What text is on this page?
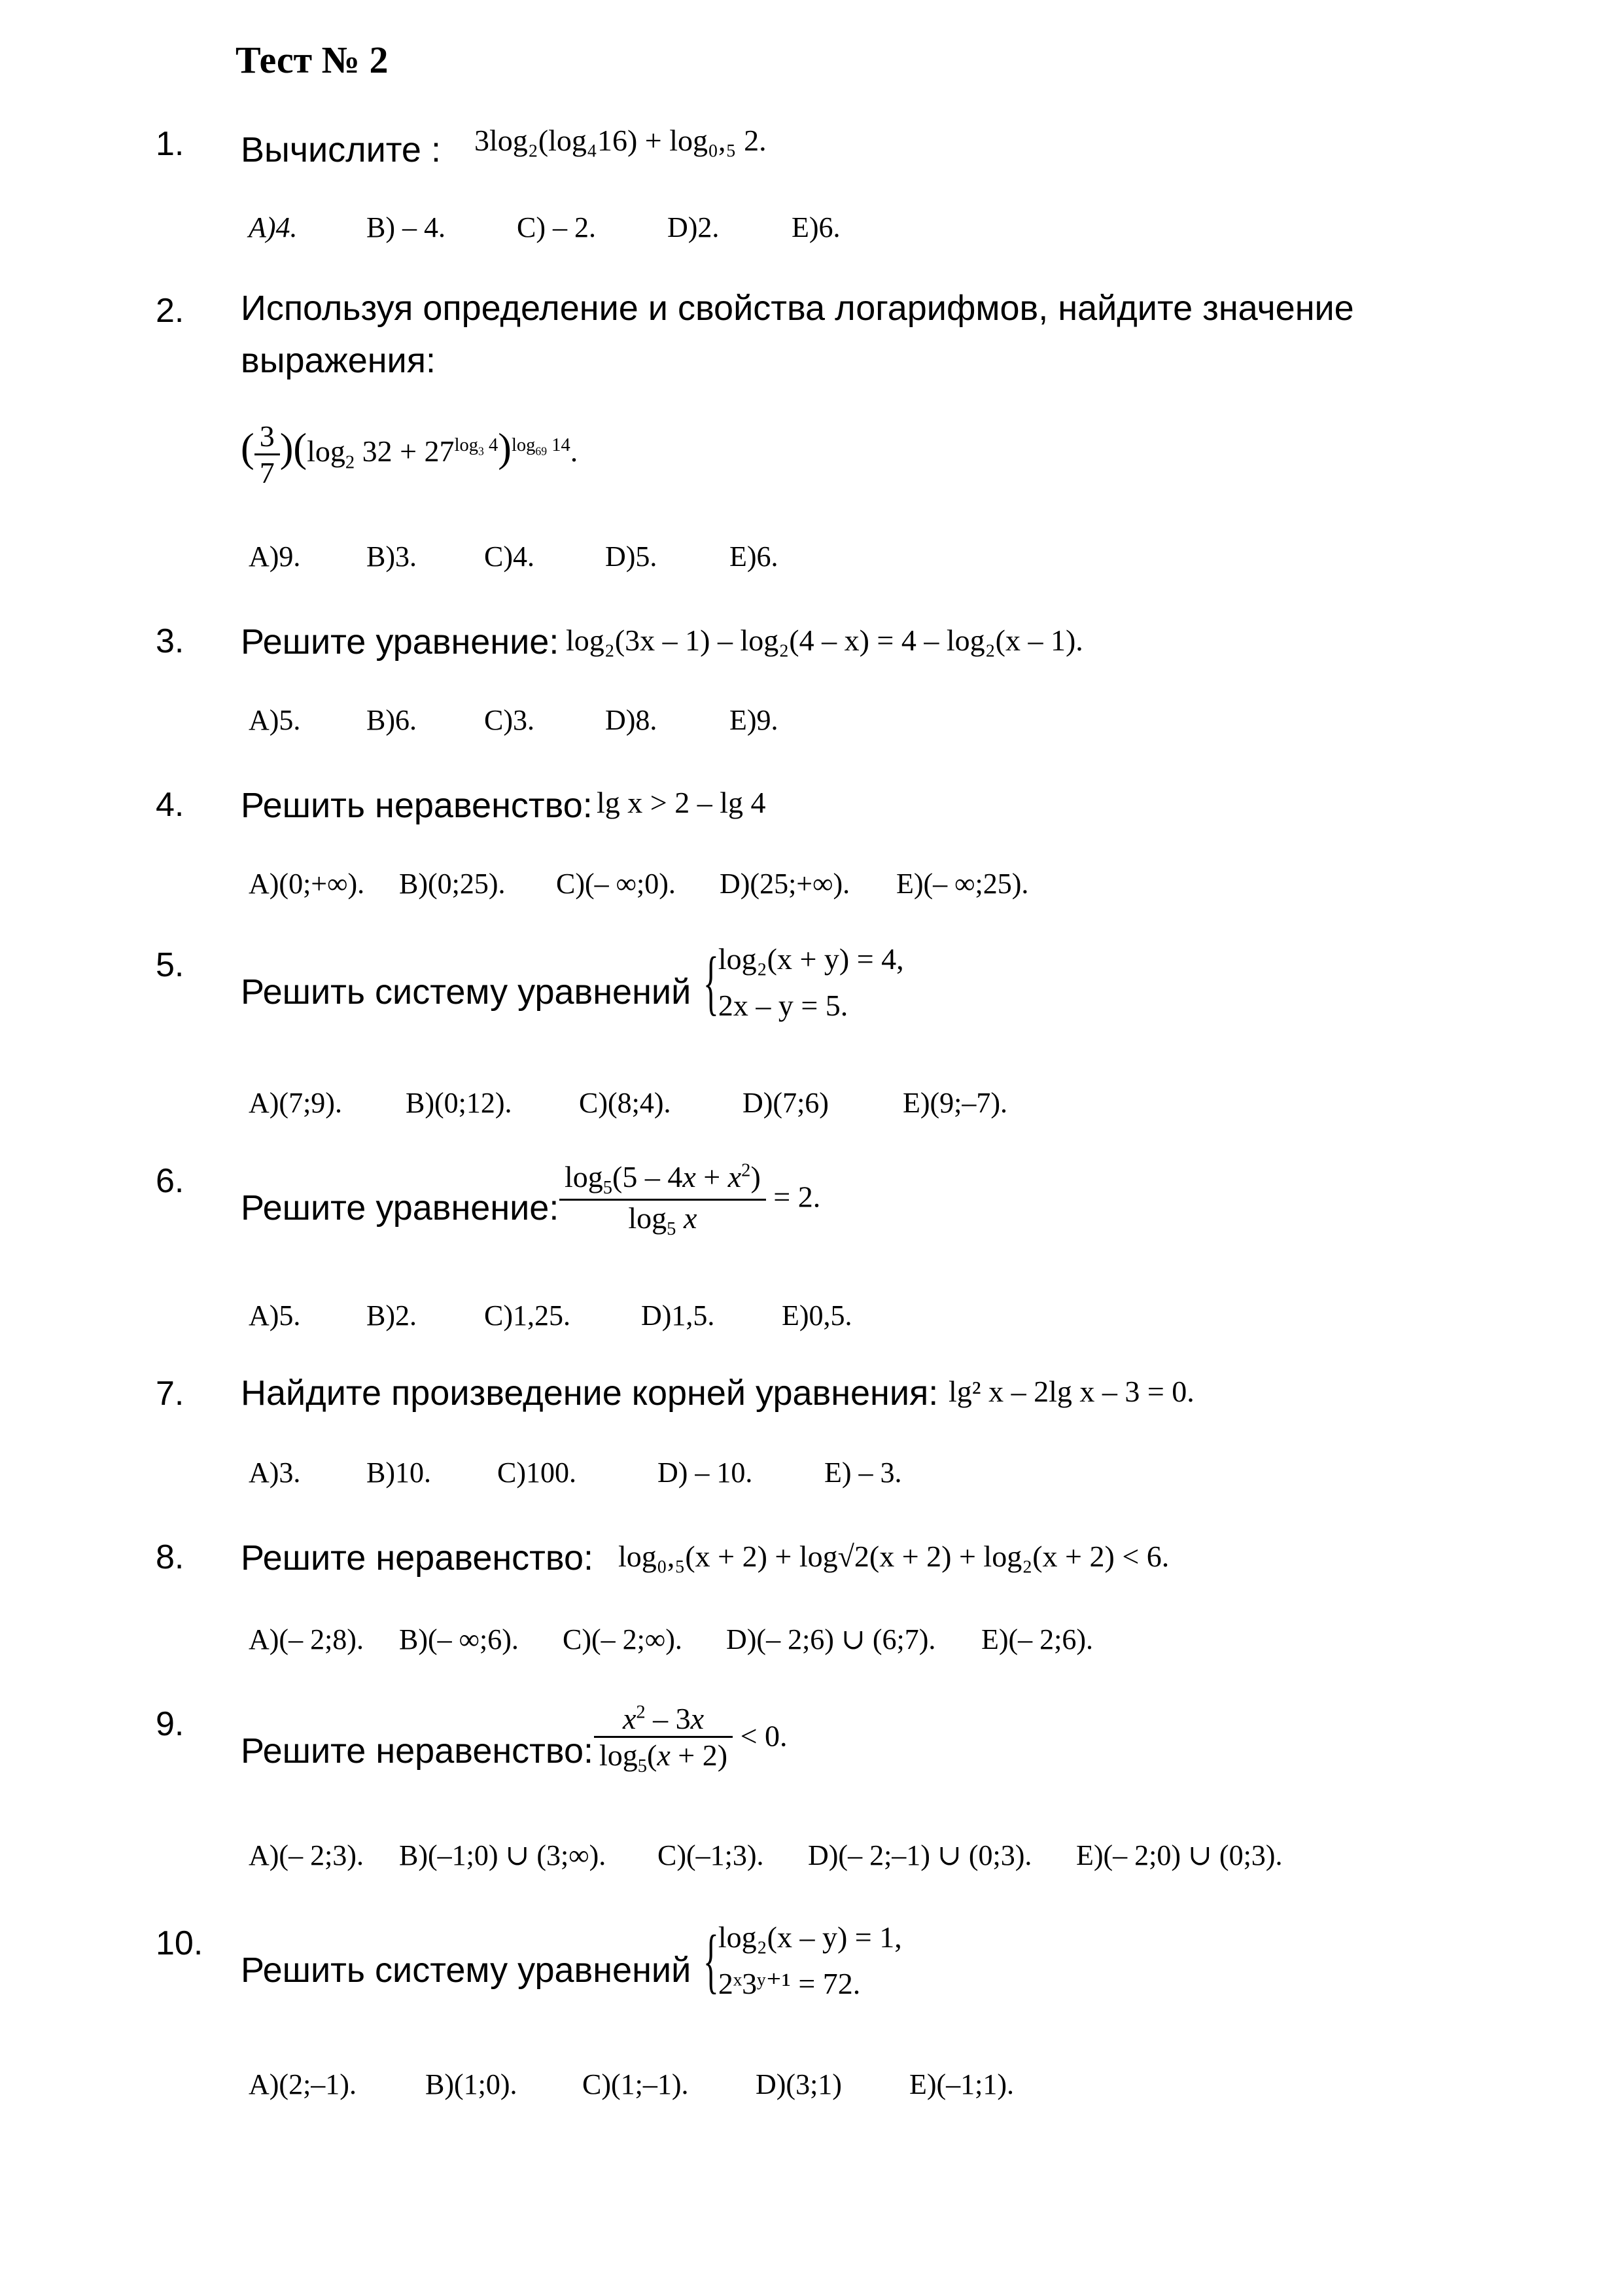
Тест № 2
1. Вычислите : 3log₂(log₄16) + log₀,₅ 2.
A)4. B) – 4. C) – 2. D)2.	E)6.
2. Используя определение и свойства логарифмов, найдите значение
выражения:
( $\frac{3}{7} )(\log_2$ $32 + 27^{log_3 4})^{log_{69} 14}$.
A)9. B)3. C)4. D)5.	E)6.
3. Решите уравнение: log₂(3x – 1) – log₂(4 – x) = 4 – log₂(x – 1).
A)5. B)6. C)3. D)8.	E)9.
4. Решить неравенство: lg x > 2 – lg 4
A)(0;+∞). B)(0;25). C)(– ∞;0). D)(25;+∞). E)(– ∞;25).
5.
Решить систему уравнений { log₂(x + y) = 4,
2x – y = 5.
A)(7;9). B)(0;12). C)(8;4). D)(7;6)	E)(9;–7).
6.
Решите уравнение: $\frac{\log_5(5 - 4x + x^2)}{\log_5 x} = 2$.
A)5. B)2. C)1,25. D)1,5. E)0,5.
7. Найдите произведение корней уравнения: lg² x – 2lg x – 3 = 0.
A)3. B)10. C)100.	D) – 10. E) – 3.
8. Решите неравенство: log₀,₅(x + 2) + log√2(x + 2) + log₂(x + 2) < 6.
A)(– 2;8). B)(– ∞;6). C)(– 2;∞). D)(– 2;6) ∪ (6;7). E)(– 2;6).
9.
Решите неравенство: $\frac{x^2 - 3x}{\log_5(x + 2)} < 0$.
A)(– 2;3). B)(–1;0) ∪ (3;∞). C)(–1;3). D)(– 2;–1) ∪ (0;3). E)(– 2;0) ∪ (0;3).
10.
Решить систему уравнений { log₂(x – y) = 1,
2ˣ3ʸ⁺¹ = 72.
A)(2;–1). B)(1;0). C)(1;–1). D)(3;1) E)(–1;1).
